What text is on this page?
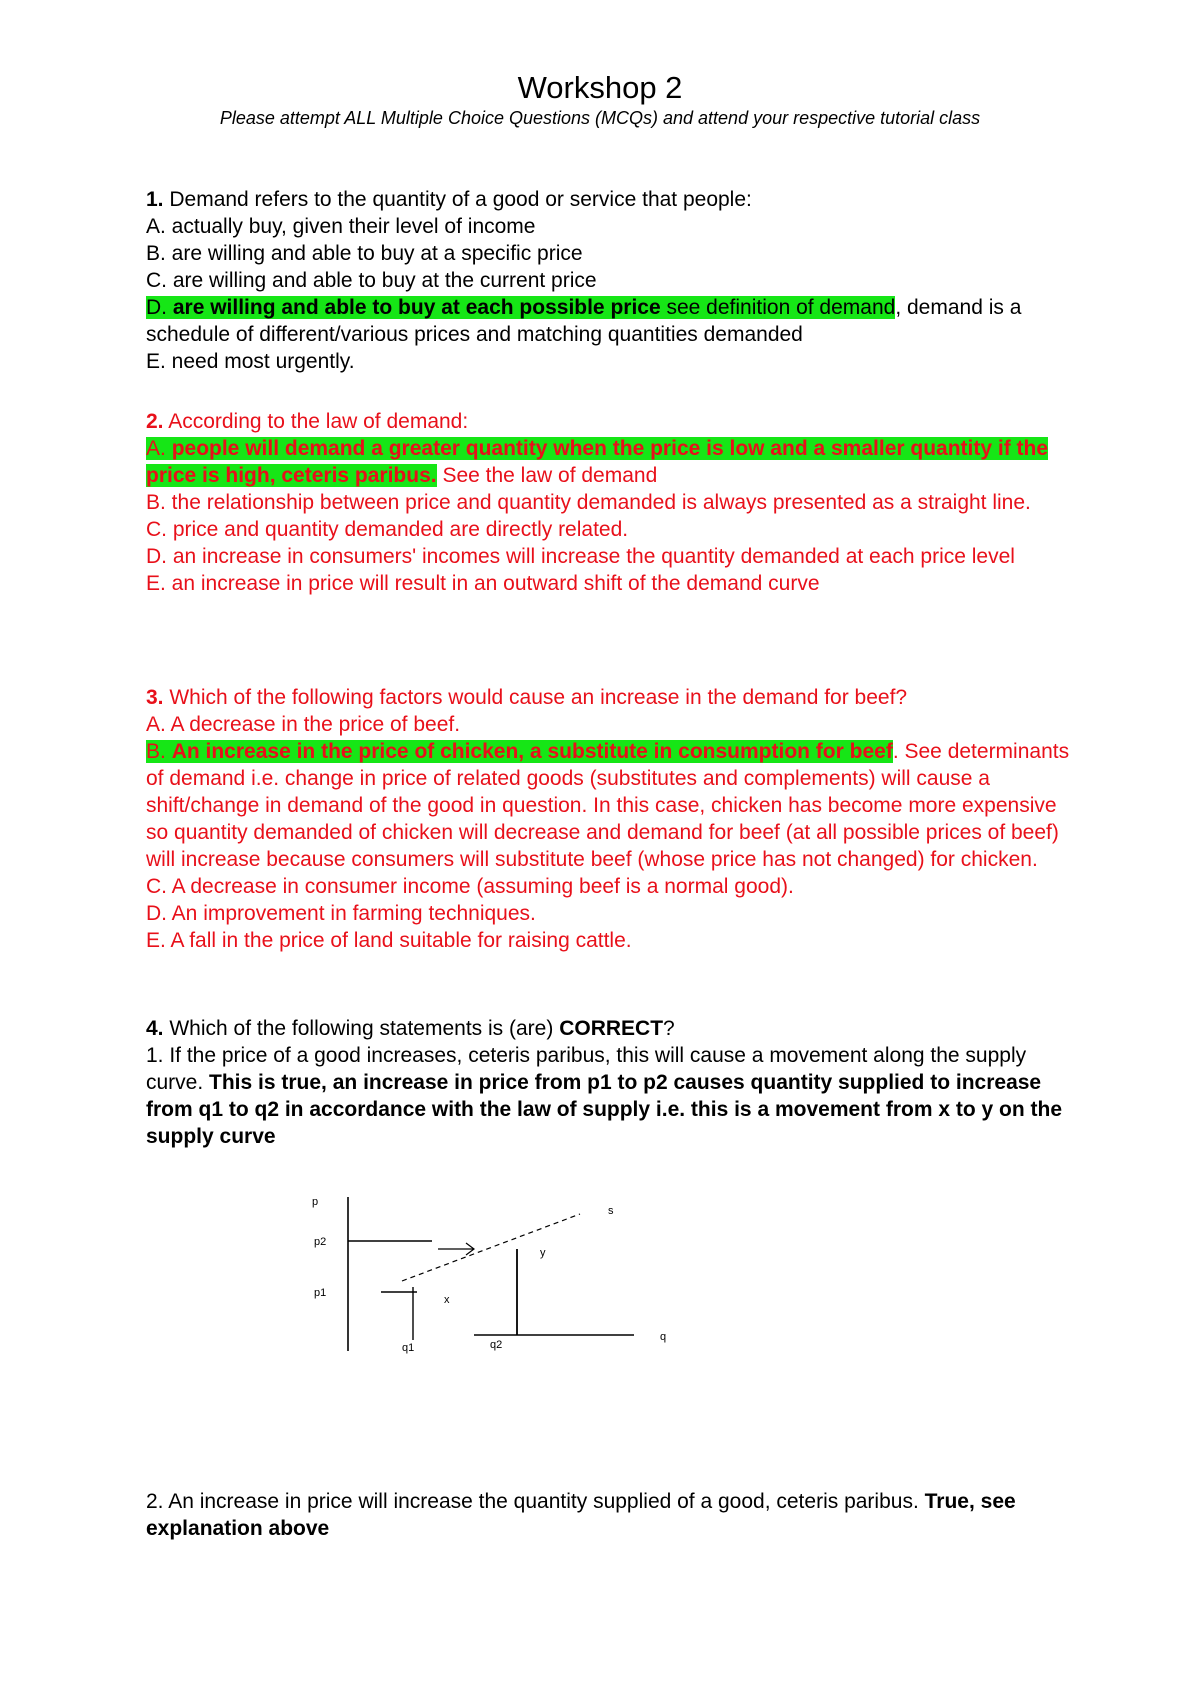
Workshop 2
Please attempt ALL Multiple Choice Questions (MCQs) and attend your respective tutorial class

1. Demand refers to the quantity of a good or service that people:

A. actually buy, given their level of income

B. are willing and able to buy at a specific price

C. are willing and able to buy at the current price

D. are willing and able to buy at each possible price see definition of demand, demand is a schedule of different/various prices and matching quantities demanded

E. need most urgently.

2. According to the law of demand:

A. people will demand a greater quantity when the price is low and a smaller quantity if the price is high, ceteris paribus. See the law of demand

B. the relationship between price and quantity demanded is always presented as a straight line.

C. price and quantity demanded are directly related.

D. an increase in consumers' incomes will increase the quantity demanded at each price level

E. an increase in price will result in an outward shift of the demand curve

3. Which of the following factors would cause an increase in the demand for beef?

A. A decrease in the price of beef.

B. An increase in the price of chicken, a substitute in consumption for beef. See determinants of demand i.e. change in price of related goods (substitutes and complements) will cause a shift/change in demand of the good in question. In this case, chicken has become more expensive so quantity demanded of chicken will decrease and demand for beef (at all possible prices of beef) will increase because consumers will substitute beef (whose price has not changed) for chicken.

C. A decrease in consumer income (assuming beef is a normal good).

D. An improvement in farming techniques.

E. A fall in the price of land suitable for raising cattle.

4. Which of the following statements is (are) CORRECT?

1. If the price of a good increases, ceteris paribus, this will cause a movement along the supply curve. This is true, an increase in price from p1 to p2 causes quantity supplied to increase from q1 to q2 in accordance with the law of supply i.e. this is a movement from x to y on the supply curve

p
p2
p1
q1	q2
q
x
y
s

2. An increase in price will increase the quantity supplied of a good, ceteris paribus. True, see explanation above
